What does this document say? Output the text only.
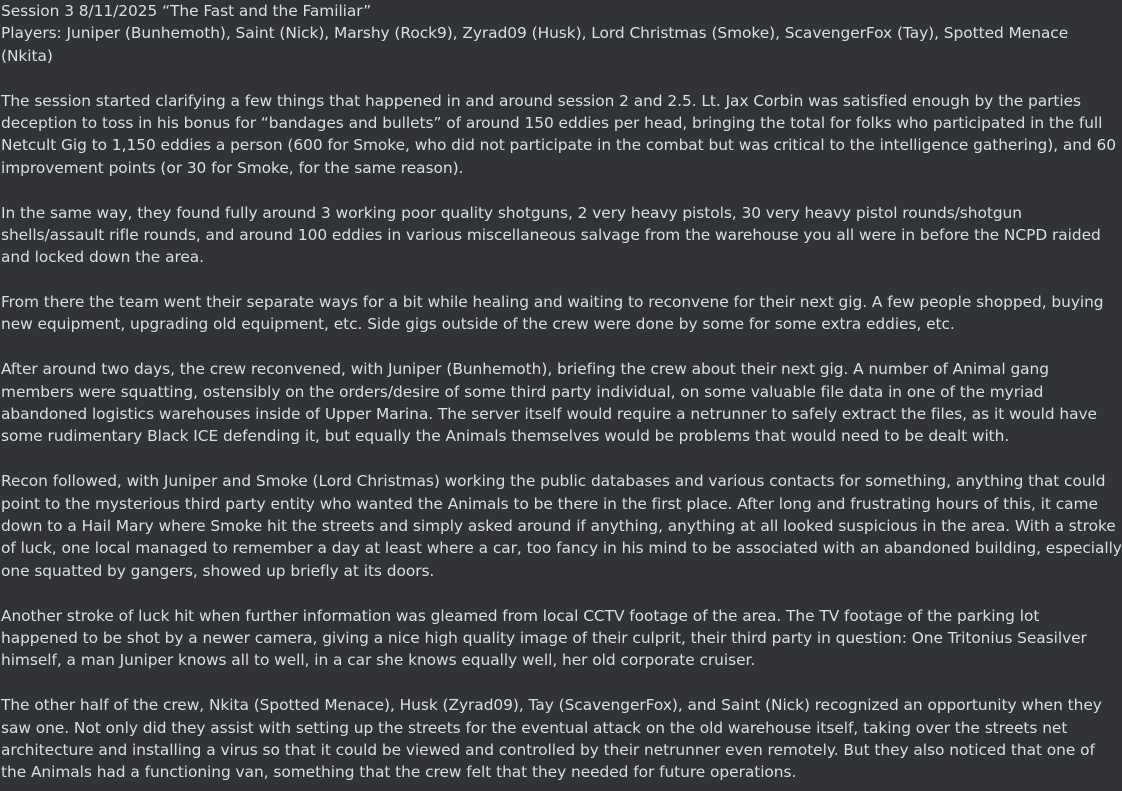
Session 3 8/11/2025 “The Fast and the Familiar”
Players: Juniper (Bunhemoth), Saint (Nick), Marshy (Rock9), Zyrad09 (Husk), Lord Christmas (Smoke), ScavengerFox (Tay), Spotted Menace
(Nkita)
The session started clarifying a few things that happened in and around session 2 and 2.5. Lt. Jax Corbin was satisfied enough by the parties
deception to toss in his bonus for “bandages and bullets” of around 150 eddies per head, bringing the total for folks who participated in the full
Netcult Gig to 1,150 eddies a person (600 for Smoke, who did not participate in the combat but was critical to the intelligence gathering), and 60
improvement points (or 30 for Smoke, for the same reason).
In the same way, they found fully around 3 working poor quality shotguns, 2 very heavy pistols, 30 very heavy pistol rounds/shotgun
shells/assault rifle rounds, and around 100 eddies in various miscellaneous salvage from the warehouse you all were in before the NCPD raided
and locked down the area.
From there the team went their separate ways for a bit while healing and waiting to reconvene for their next gig. A few people shopped, buying
new equipment, upgrading old equipment, etc. Side gigs outside of the crew were done by some for some extra eddies, etc.
After around two days, the crew reconvened, with Juniper (Bunhemoth), briefing the crew about their next gig. A number of Animal gang
members were squatting, ostensibly on the orders/desire of some third party individual, on some valuable file data in one of the myriad
abandoned logistics warehouses inside of Upper Marina. The server itself would require a netrunner to safely extract the files, as it would have
some rudimentary Black ICE defending it, but equally the Animals themselves would be problems that would need to be dealt with.
Recon followed, with Juniper and Smoke (Lord Christmas) working the public databases and various contacts for something, anything that could
point to the mysterious third party entity who wanted the Animals to be there in the first place. After long and frustrating hours of this, it came
down to a Hail Mary where Smoke hit the streets and simply asked around if anything, anything at all looked suspicious in the area. With a stroke
of luck, one local managed to remember a day at least where a car, too fancy in his mind to be associated with an abandoned building, especially
one squatted by gangers, showed up briefly at its doors.
Another stroke of luck hit when further information was gleamed from local CCTV footage of the area. The TV footage of the parking lot
happened to be shot by a newer camera, giving a nice high quality image of their culprit, their third party in question: One Tritonius Seasilver
himself, a man Juniper knows all to well, in a car she knows equally well, her old corporate cruiser.
The other half of the crew, Nkita (Spotted Menace), Husk (Zyrad09), Tay (ScavengerFox), and Saint (Nick) recognized an opportunity when they
saw one. Not only did they assist with setting up the streets for the eventual attack on the old warehouse itself, taking over the streets net
architecture and installing a virus so that it could be viewed and controlled by their netrunner even remotely. But they also noticed that one of
the Animals had a functioning van, something that the crew felt that they needed for future operations.
